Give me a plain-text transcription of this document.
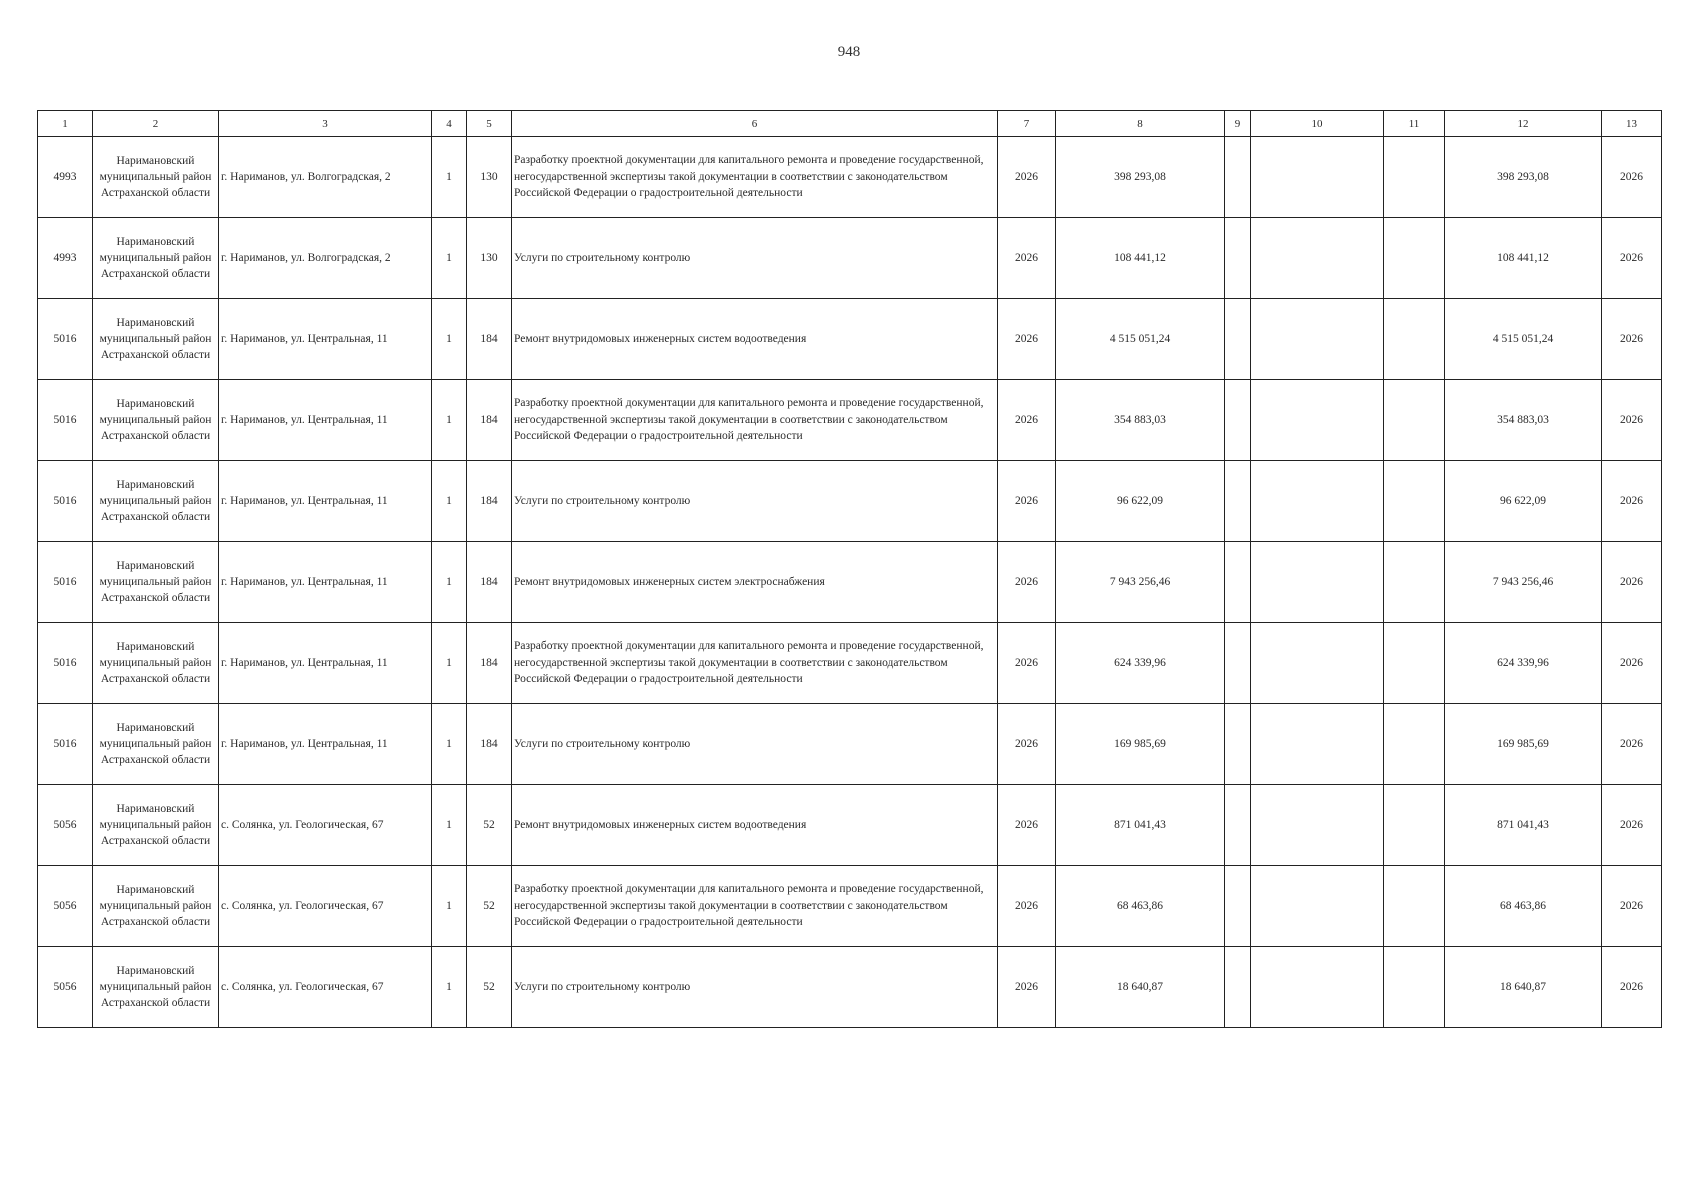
948
1	2	3	4	5	6	7	8	9	10	11	12	13
4993	Наримановский муниципальный район Астраханской области	г. Нариманов, ул. Волгоградская, 2	1	130	Разработку проектной документации для капитального ремонта и проведение государственной, негосударственной экспертизы такой документации в соответствии с законодательством Российской Федерации о градостроительной деятельности	2026	398 293,08				398 293,08	2026
4993	Наримановский муниципальный район Астраханской области	г. Нариманов, ул. Волгоградская, 2	1	130	Услуги по строительному контролю	2026	108 441,12				108 441,12	2026
5016	Наримановский муниципальный район Астраханской области	г. Нариманов, ул. Центральная, 11	1	184	Ремонт внутридомовых инженерных систем водоотведения	2026	4 515 051,24				4 515 051,24	2026
5016	Наримановский муниципальный район Астраханской области	г. Нариманов, ул. Центральная, 11	1	184	Разработку проектной документации для капитального ремонта и проведение государственной, негосударственной экспертизы такой документации в соответствии с законодательством Российской Федерации о градостроительной деятельности	2026	354 883,03				354 883,03	2026
5016	Наримановский муниципальный район Астраханской области	г. Нариманов, ул. Центральная, 11	1	184	Услуги по строительному контролю	2026	96 622,09				96 622,09	2026
5016	Наримановский муниципальный район Астраханской области	г. Нариманов, ул. Центральная, 11	1	184	Ремонт внутридомовых инженерных систем электроснабжения	2026	7 943 256,46				7 943 256,46	2026
5016	Наримановский муниципальный район Астраханской области	г. Нариманов, ул. Центральная, 11	1	184	Разработку проектной документации для капитального ремонта и проведение государственной, негосударственной экспертизы такой документации в соответствии с законодательством Российской Федерации о градостроительной деятельности	2026	624 339,96				624 339,96	2026
5016	Наримановский муниципальный район Астраханской области	г. Нариманов, ул. Центральная, 11	1	184	Услуги по строительному контролю	2026	169 985,69				169 985,69	2026
5056	Наримановский муниципальный район Астраханской области	с. Солянка, ул. Геологическая, 67	1	52	Ремонт внутридомовых инженерных систем водоотведения	2026	871 041,43				871 041,43	2026
5056	Наримановский муниципальный район Астраханской области	с. Солянка, ул. Геологическая, 67	1	52	Разработку проектной документации для капитального ремонта и проведение государственной, негосударственной экспертизы такой документации в соответствии с законодательством Российской Федерации о градостроительной деятельности	2026	68 463,86				68 463,86	2026
5056	Наримановский муниципальный район Астраханской области	с. Солянка, ул. Геологическая, 67	1	52	Услуги по строительному контролю	2026	18 640,87				18 640,87	2026
